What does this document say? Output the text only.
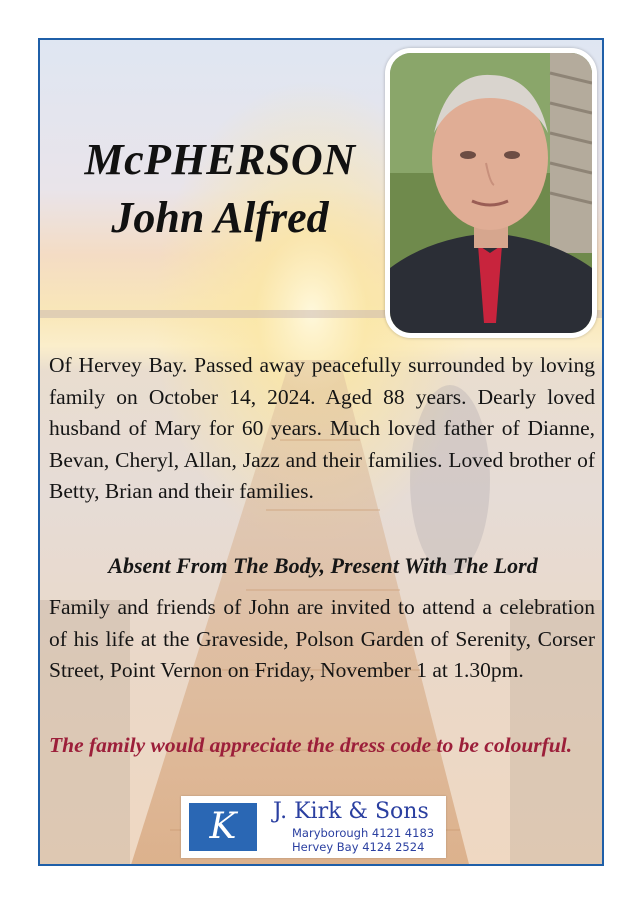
McPHERSON
John Alfred

Of Hervey Bay. Passed away peacefully surrounded by loving family on October 14, 2024. Aged 88 years. Dearly loved husband of Mary for 60 years. Much loved father of Dianne, Bevan, Cheryl, Allan, Jazz and their families. Loved brother of Betty, Brian and their families.

Absent From The Body, Present With The Lord

Family and friends of John are invited to attend a celebration of his life at the Graveside, Polson Garden of Serenity, Corser Street, Point Vernon on Friday, November 1 at 1.30pm.

The family would appreciate the dress code to be colourful.
K	J. Kirk & Sons
Maryborough 4121 4183
Hervey Bay 4124 2524
